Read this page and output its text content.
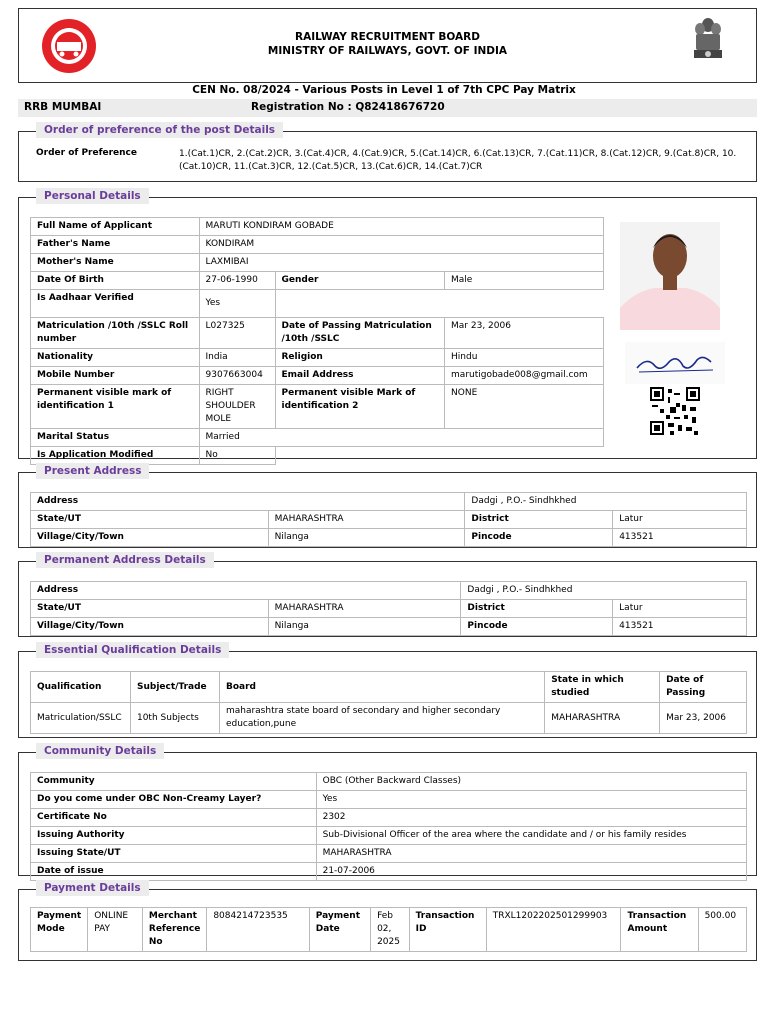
RAILWAY RECRUITMENT BOARD
MINISTRY OF RAILWAYS, GOVT. OF INDIA
CEN No. 08/2024 - Various Posts in Level 1 of 7th CPC Pay Matrix
RRB MUMBAI	Registration No : Q82418676720
Order of preference of the post Details
Order of Preference	1.(Cat.1)CR, 2.(Cat.2)CR, 3.(Cat.4)CR, 4.(Cat.9)CR, 5.(Cat.14)CR, 6.(Cat.13)CR, 7.(Cat.11)CR, 8.(Cat.12)CR, 9.(Cat.8)CR, 10.(Cat.10)CR, 11.(Cat.3)CR, 12.(Cat.5)CR, 13.(Cat.6)CR, 14.(Cat.7)CR
Personal Details
Full Name of Applicant	MARUTI KONDIRAM GOBADE		
Father's Name	KONDIRAM		
Mother's Name	LAXMIBAI		
Date Of Birth	27-06-1990	Gender	Male
Is Aadhaar Verified	Yes		
Matriculation /10th /SSLC Roll number	L027325	Date of Passing Matriculation /10th /SSLC	Mar 23, 2006
Nationality	India	Religion	Hindu
Mobile Number	9307663004	Email Address	marutigobade008@gmail.com
Permanent visible mark of identification 1	RIGHT SHOULDER MOLE	Permanent visible Mark of identification 2	NONE
Marital Status	Married		
Is Application Modified	No		
Present Address
Address		Dadgi , P.O.- Sindhkhed	
State/UT	MAHARASHTRA	District	Latur
Village/City/Town	Nilanga	Pincode	413521
Permanent Address Details
Address		Dadgi , P.O.- Sindhkhed	
State/UT	MAHARASHTRA	District	Latur
Village/City/Town	Nilanga	Pincode	413521
Essential Qualification Details
Qualification	Subject/Trade	Board	State in which studied	Date of Passing
Matriculation/SSLC	10th Subjects	maharashtra state board of secondary and higher secondary education,pune	MAHARASHTRA	Mar 23, 2006
Community Details
Community	OBC (Other Backward Classes)
Do you come under OBC Non-Creamy Layer?	Yes
Certificate No	2302
Issuing Authority	Sub-Divisional Officer of the area where the candidate and / or his family resides
Issuing State/UT	MAHARASHTRA
Date of issue	21-07-2006
Payment Details
Payment Mode	ONLINE PAY	Merchant Reference No	8084214723535	Payment Date	Feb 02, 2025	Transaction ID	TRXL1202202501299903	Transaction Amount	500.00
